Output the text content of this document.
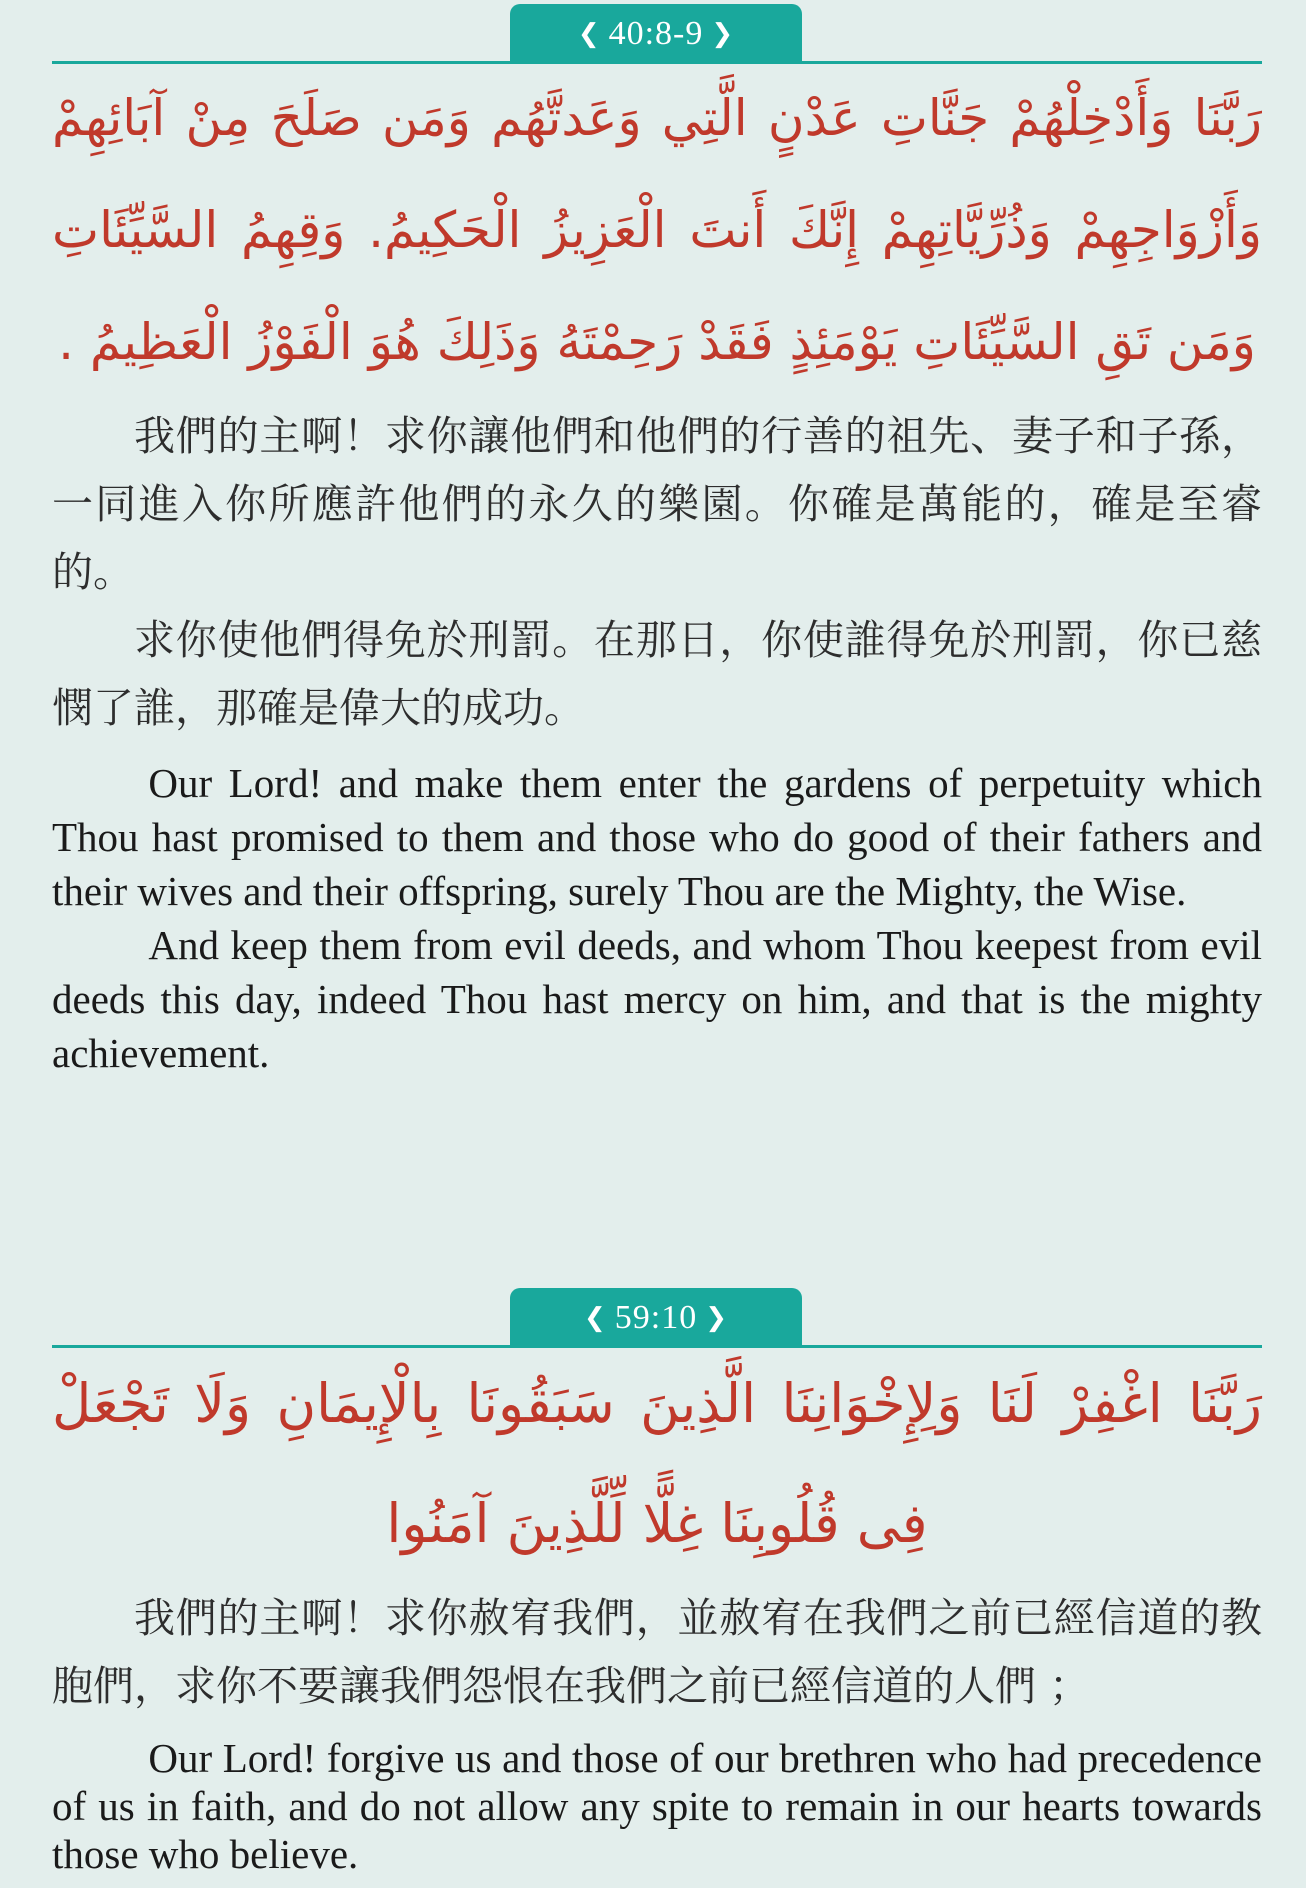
❮ 40:8-9 ❯

رَبَّنَا وَأَدْخِلْهُمْ جَنَّاتِ عَدْنٍ الَّتِي وَعَدتَّهُم وَمَن صَلَحَ مِنْ آبَائِهِمْ وَأَزْوَاجِهِمْ وَذُرِّيَّاتِهِمْ إِنَّكَ أَنتَ الْعَزِيزُ الْحَكِيمُ. وَقِهِمُ السَّيِّئَاتِ وَمَن تَقِ السَّيِّئَاتِ يَوْمَئِذٍ فَقَدْ رَحِمْتَهُ وَذَلِكَ هُوَ الْفَوْزُ الْعَظِيمُ .

我們的主啊！求你讓他們和他們的行善的祖先、妻子和子孫，一同進入你所應許他們的永久的樂園。你確是萬能的，確是至睿的。

求你使他們得免於刑罰。在那日，你使誰得免於刑罰，你已慈憫了誰，那確是偉大的成功。

Our Lord! and make them enter the gardens of perpetuity which Thou hast promised to them and those who do good of their fathers and their wives and their offspring, surely Thou are the Mighty, the Wise.

And keep them from evil deeds, and whom Thou keepest from evil deeds this day, indeed Thou hast mercy on him, and that is the mighty achievement.

❮ 59:10 ❯

رَبَّنَا اغْفِرْ لَنَا وَلِإِخْوَانِنَا الَّذِينَ سَبَقُونَا بِالْإِيمَانِ وَلَا تَجْعَلْ فِى قُلُوبِنَا غِلًّا لِّلَّذِينَ آمَنُوا

我們的主啊！求你赦宥我們，並赦宥在我們之前已經信道的教胞們，求你不要讓我們怨恨在我們之前已經信道的人們 ；

Our Lord! forgive us and those of our brethren who had precedence of us in faith, and do not allow any spite to remain in our hearts towards those who believe.
